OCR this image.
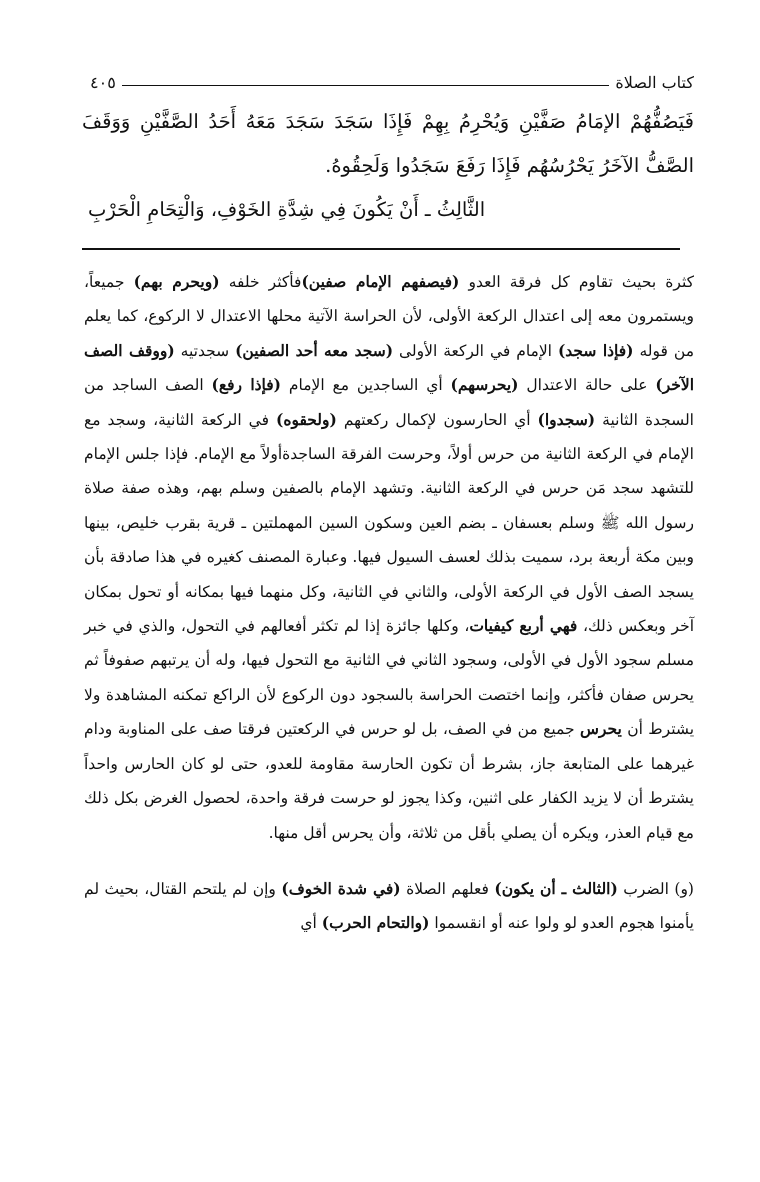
كتاب الصلاة
٤٠٥

فَيَصُفُّهُمْ الإمَامُ صَفَّيْنِ وَيُحْرِمُ بِهِمْ فَإِذَا سَجَدَ سَجَدَ مَعَهُ أَحَدُ الصَّفَّيْنِ وَوَقَفَ الصَّفُّ الآخَرُ يَحْرُسُهُم فَإِذَا رَفَعَ سَجَدُوا وَلَحِقُوهُ.

الثَّالِثُ ـ أَنْ يَكُونَ فِي شِدَّةِ الخَوْفِ، وَالْتِحَامِ الْحَرْبِ

كثرة بحيث تقاوم كل فرقة العدو (فيصفهم الإمام صفين)فأكثر خلفه (ويحرم بهم) جميعاً، ويستمرون معه إلى اعتدال الركعة الأولى، لأن الحراسة الآتية محلها الاعتدال لا الركوع، كما يعلم من قوله (فإذا سجد) الإمام في الركعة الأولى (سجد معه أحد الصفين) سجدتيه (ووقف الصف الآخر) على حالة الاعتدال (يحرسهم) أي الساجدين مع الإمام (فإذا رفع) الصف الساجد من السجدة الثانية (سجدوا) أي الحارسون لإكمال ركعتهم (ولحقوه) في الركعة الثانية، وسجد مع الإمام في الركعة الثانية من حرس أولاً، وحرست الفرقة الساجدةأولاً مع الإمام. فإذا جلس الإمام للتشهد سجد مَن حرس في الركعة الثانية. وتشهد الإمام بالصفين وسلم بهم، وهذه صفة صلاة رسول الله ﷺ وسلم بعسفان ـ بضم العين وسكون السين المهملتين ـ قرية بقرب خليص، بينها وبين مكة أربعة برد، سميت بذلك لعسف السيول فيها. وعبارة المصنف كغيره في هذا صادقة بأن يسجد الصف الأول في الركعة الأولى، والثاني في الثانية، وكل منهما فيها بمكانه أو تحول بمكان آخر وبعكس ذلك، فهي أربع كيفيات، وكلها جائزة إذا لم تكثر أفعالهم في التحول، والذي في خبر مسلم سجود الأول في الأولى، وسجود الثاني في الثانية مع التحول فيها، وله أن يرتبهم صفوفاً ثم يحرس صفان فأكثر، وإنما اختصت الحراسة بالسجود دون الركوع لأن الراكع تمكنه المشاهدة ولا يشترط أن يحرس جميع من في الصف، بل لو حرس في الركعتين فرقتا صف على المناوبة ودام غيرهما على المتابعة جاز، بشرط أن تكون الحارسة مقاومة للعدو، حتى لو كان الحارس واحداً يشترط أن لا يزيد الكفار على اثنين، وكذا يجوز لو حرست فرقة واحدة، لحصول الغرض بكل ذلك مع قيام العذر، ويكره أن يصلي بأقل من ثلاثة، وأن يحرس أقل منها.

(و) الضرب (الثالث ـ أن يكون) فعلهم الصلاة (في شدة الخوف) وإن لم يلتحم القتال، بحيث لم يأمنوا هجوم العدو لو ولوا عنه أو انقسموا (والتحام الحرب) أي
